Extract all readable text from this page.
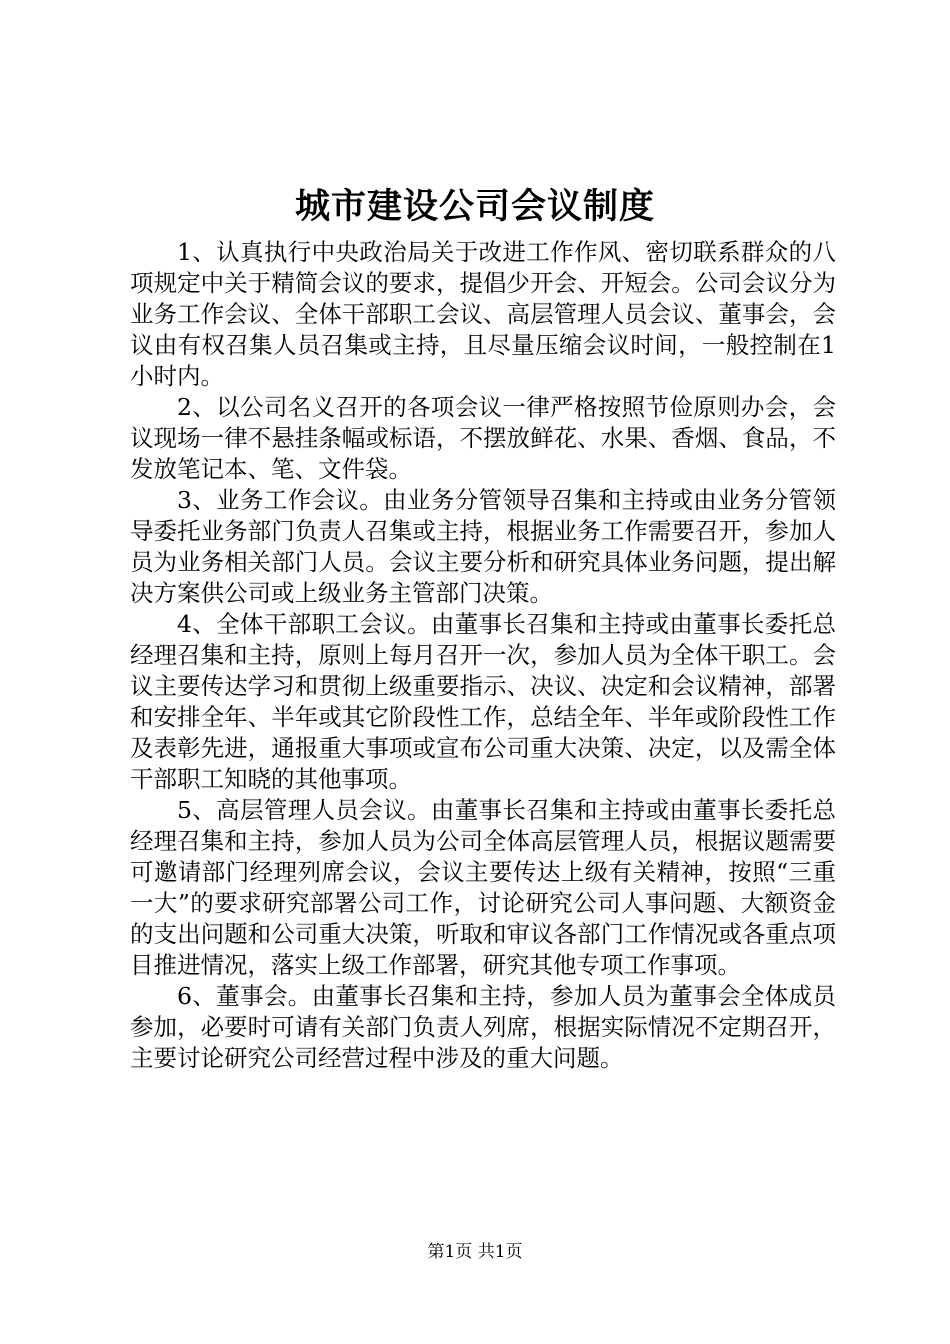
城市建设公司会议制度

1、认真执行中央政治局关于改进工作作风、密切联系群众的八项规定中关于精简会议的要求，提倡少开会、开短会。公司会议分为业务工作会议、全体干部职工会议、高层管理人员会议、董事会，会议由有权召集人员召集或主持，且尽量压缩会议时间，一般控制在1小时内。

2、以公司名义召开的各项会议一律严格按照节俭原则办会，会议现场一律不悬挂条幅或标语，不摆放鲜花、水果、香烟、食品，不发放笔记本、笔、文件袋。

3、业务工作会议。由业务分管领导召集和主持或由业务分管领导委托业务部门负责人召集或主持，根据业务工作需要召开，参加人员为业务相关部门人员。会议主要分析和研究具体业务问题，提出解决方案供公司或上级业务主管部门决策。

4、全体干部职工会议。由董事长召集和主持或由董事长委托总经理召集和主持，原则上每月召开一次，参加人员为全体干职工。会议主要传达学习和贯彻上级重要指示、决议、决定和会议精神，部署和安排全年、半年或其它阶段性工作，总结全年、半年或阶段性工作及表彰先进，通报重大事项或宣布公司重大决策、决定，以及需全体干部职工知晓的其他事项。

5、高层管理人员会议。由董事长召集和主持或由董事长委托总经理召集和主持，参加人员为公司全体高层管理人员，根据议题需要可邀请部门经理列席会议，会议主要传达上级有关精神，按照“三重一大”的要求研究部署公司工作，讨论研究公司人事问题、大额资金的支出问题和公司重大决策，听取和审议各部门工作情况或各重点项目推进情况，落实上级工作部署，研究其他专项工作事项。

6、董事会。由董事长召集和主持，参加人员为董事会全体成员参加，必要时可请有关部门负责人列席，根据实际情况不定期召开，主要讨论研究公司经营过程中涉及的重大问题。

第1页 共1页
